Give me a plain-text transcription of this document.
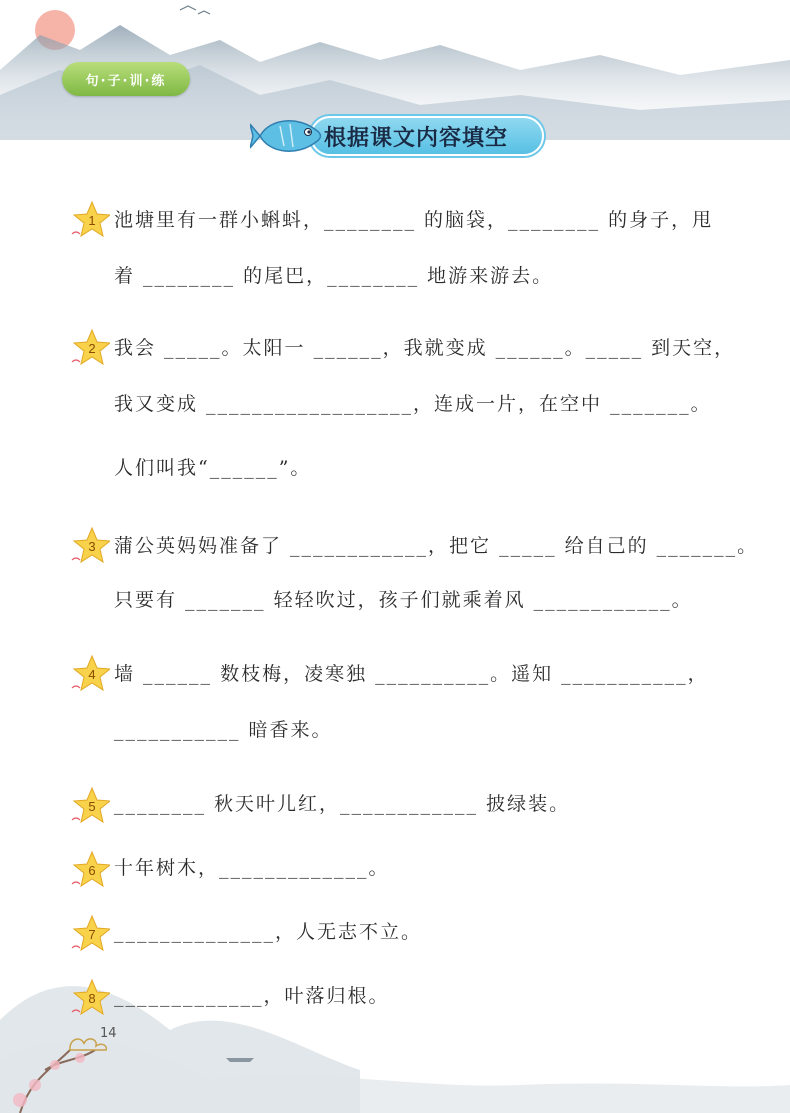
句·子·训·练
根据课文内容填空
1 池塘里有一群小蝌蚪，________ 的脑袋，________ 的身子，甩
着 ________ 的尾巴，________ 地游来游去。
2 我会 _____。太阳一 ______，我就变成 ______。_____ 到天空，
我又变成 __________________，连成一片，在空中 _______。
人们叫我“______”。
3 蒲公英妈妈准备了 ____________，把它 _____ 给自己的 _______。
只要有 _______ 轻轻吹过，孩子们就乘着风 ____________。
4 墙 ______ 数枝梅，凌寒独 __________。遥知 ___________，
___________ 暗香来。
5 ________ 秋天叶儿红，____________ 披绿装。
6 十年树木，_____________。
7 ______________，人无志不立。
8 _____________，叶落归根。
14
